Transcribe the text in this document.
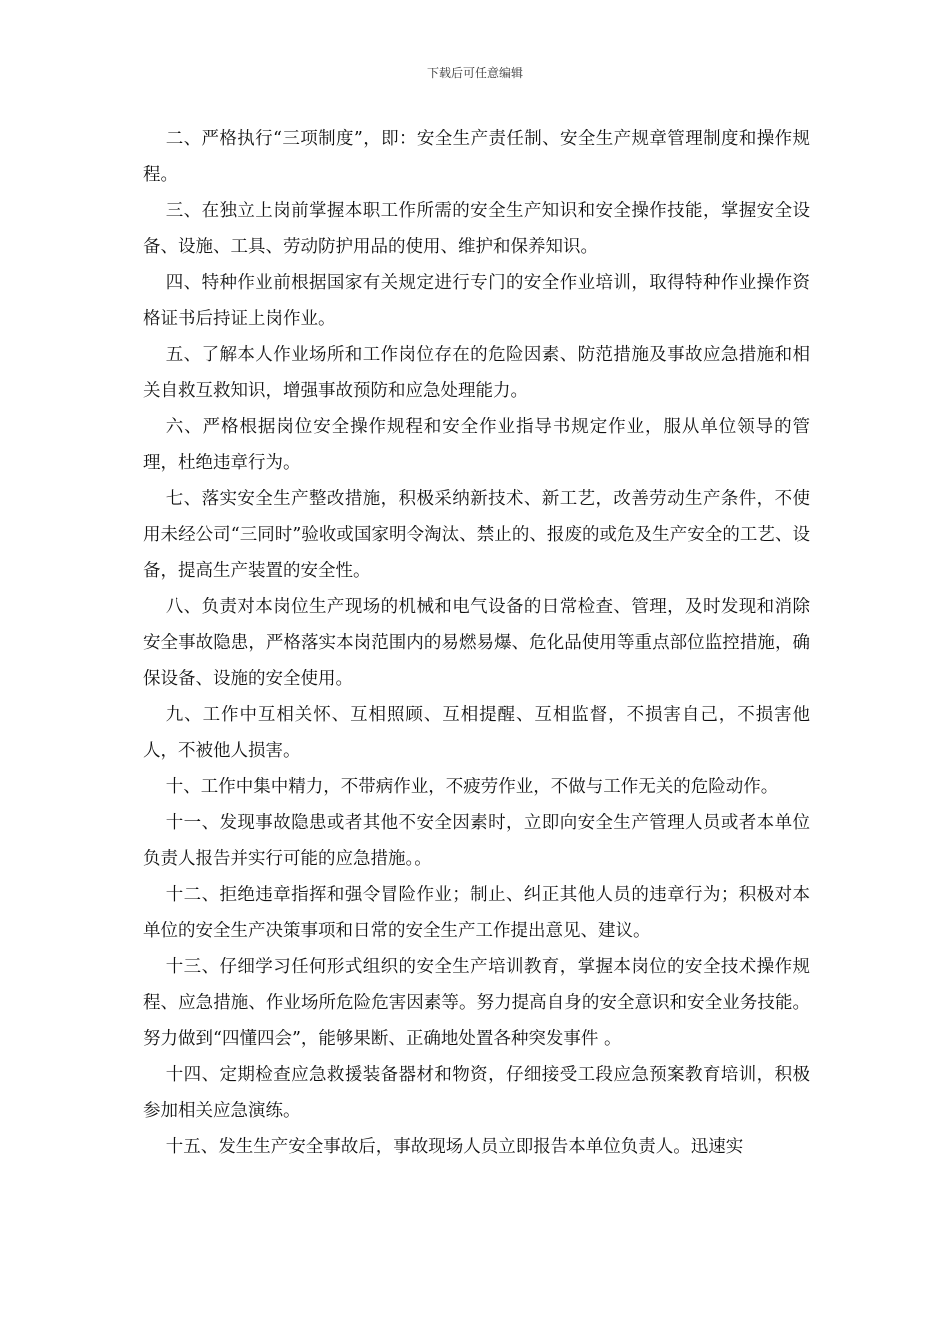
下载后可任意编辑

二、严格执行“三项制度”，即：安全生产责任制、安全生产规章管理制度和操作规程。

三、在独立上岗前掌握本职工作所需的安全生产知识和安全操作技能，掌握安全设备、设施、工具、劳动防护用品的使用、维护和保养知识。

四、特种作业前根据国家有关规定进行专门的安全作业培训，取得特种作业操作资格证书后持证上岗作业。

五、了解本人作业场所和工作岗位存在的危险因素、防范措施及事故应急措施和相关自救互救知识，增强事故预防和应急处理能力。

六、严格根据岗位安全操作规程和安全作业指导书规定作业，服从单位领导的管理，杜绝违章行为。

七、落实安全生产整改措施，积极采纳新技术、新工艺，改善劳动生产条件，不使用未经公司“三同时”验收或国家明令淘汰、禁止的、报废的或危及生产安全的工艺、设备，提高生产装置的安全性。

八、负责对本岗位生产现场的机械和电气设备的日常检查、管理，及时发现和消除安全事故隐患，严格落实本岗范围内的易燃易爆、危化品使用等重点部位监控措施，确保设备、设施的安全使用。

九、工作中互相关怀、互相照顾、互相提醒、互相监督，不损害自己，不损害他人，不被他人损害。

十、工作中集中精力，不带病作业，不疲劳作业，不做与工作无关的危险动作。

十一、发现事故隐患或者其他不安全因素时，立即向安全生产管理人员或者本单位负责人报告并实行可能的应急措施。。

十二、拒绝违章指挥和强令冒险作业；制止、纠正其他人员的违章行为；积极对本单位的安全生产决策事项和日常的安全生产工作提出意见、建议。

十三、仔细学习任何形式组织的安全生产培训教育，掌握本岗位的安全技术操作规程、应急措施、作业场所危险危害因素等。努力提高自身的安全意识和安全业务技能。努力做到“四懂四会”，能够果断、正确地处置各种突发事件 。

十四、定期检查应急救援装备器材和物资，仔细接受工段应急预案教育培训，积极参加相关应急演练。

十五、发生生产安全事故后，事故现场人员立即报告本单位负责人。迅速实
